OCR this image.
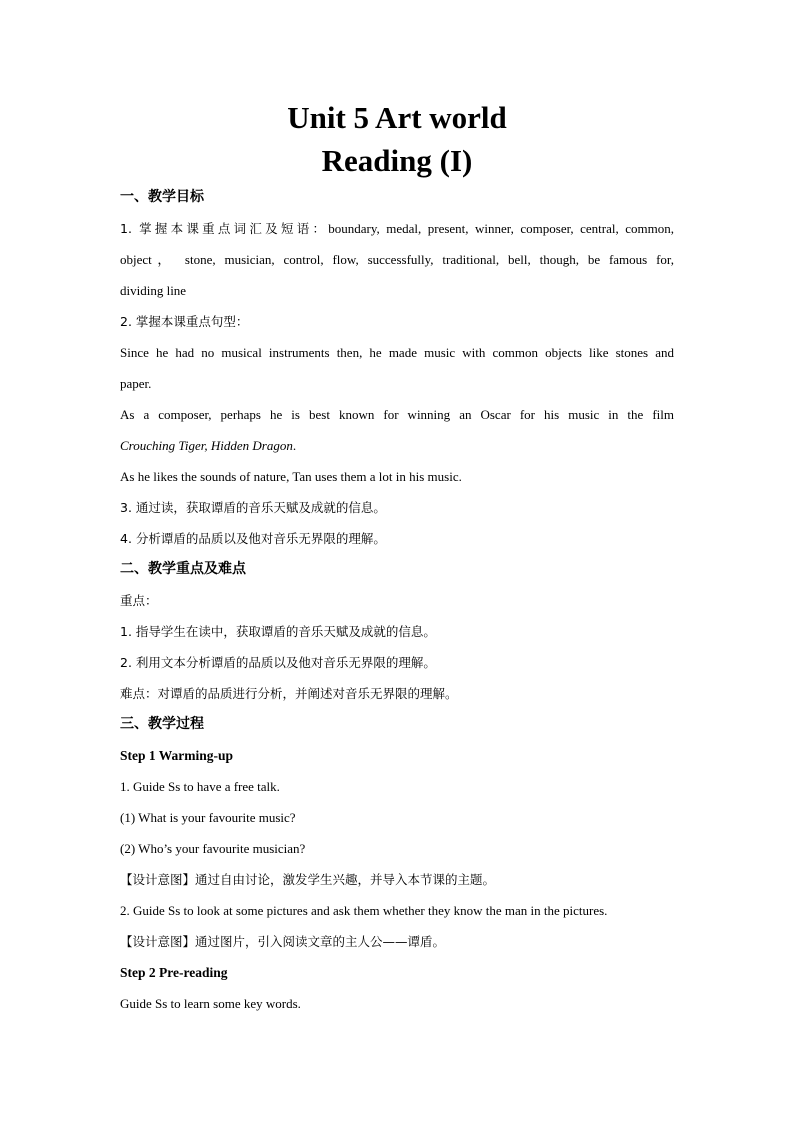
Unit 5 Art world
Reading (I)
一、教学目标

1. 掌握本课重点词汇及短语：boundary, medal, present, winner, composer, central, common,

object， stone, musician, control, flow, successfully, traditional, bell, though, be famous for,

dividing line

2. 掌握本课重点句型：

Since he had no musical instruments then, he made music with common objects like stones and

paper.

As a composer, perhaps he is best known for winning an Oscar for his music in the film

Crouching Tiger, Hidden Dragon.

As he likes the sounds of nature, Tan uses them a lot in his music.

3. 通过读，获取谭盾的音乐天赋及成就的信息。

4. 分析谭盾的品质以及他对音乐无界限的理解。

二、教学重点及难点

重点：

1. 指导学生在读中，获取谭盾的音乐天赋及成就的信息。

2. 利用文本分析谭盾的品质以及他对音乐无界限的理解。

难点：对谭盾的品质进行分析，并阐述对音乐无界限的理解。

三、教学过程

Step 1 Warming-up

1. Guide Ss to have a free talk.

(1) What is your favourite music?

(2) Who’s your favourite musician?

【设计意图】通过自由讨论，激发学生兴趣，并导入本节课的主题。

2. Guide Ss to look at some pictures and ask them whether they know the man in the pictures.

【设计意图】通过图片，引入阅读文章的主人公——谭盾。

Step 2 Pre-reading

Guide Ss to learn some key words.
